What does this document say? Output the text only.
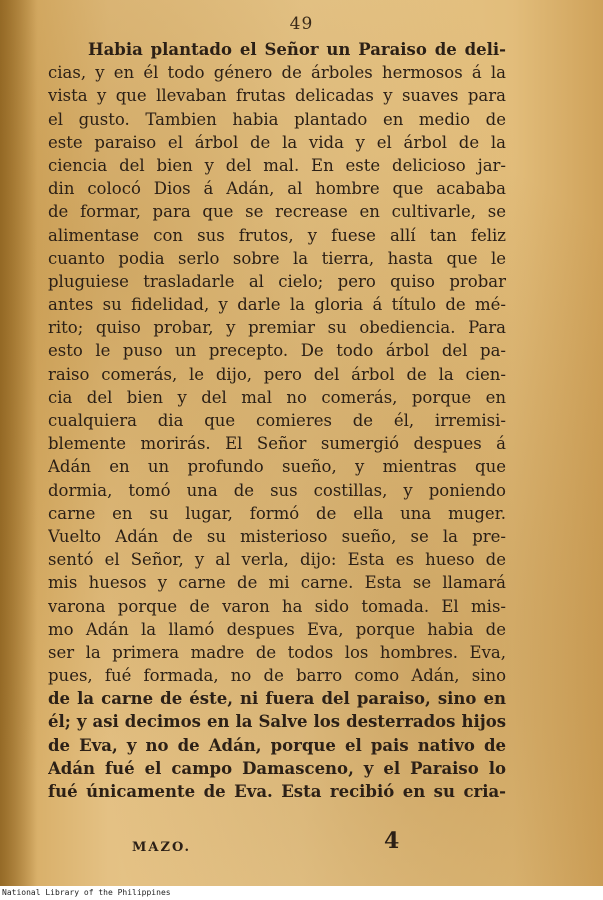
49
Habia plantado el Señor un Paraiso de deli-
cias, y en él todo género de árboles hermosos á la
vista y que llevaban frutas delicadas y suaves para
el gusto. Tambien habia plantado en medio de
este paraiso el árbol de la vida y el árbol de la
ciencia del bien y del mal. En este delicioso jar-
din colocó Dios á Adán, al hombre que acababa
de formar, para que se recrease en cultivarle, se
alimentase con sus frutos, y fuese allí tan feliz
cuanto podia serlo sobre la tierra, hasta que le
pluguiese trasladarle al cielo; pero quiso probar
antes su fidelidad, y darle la gloria á título de mé-
rito; quiso probar, y premiar su obediencia. Para
esto le puso un precepto. De todo árbol del pa-
raiso comerás, le dijo, pero del árbol de la cien-
cia del bien y del mal no comerás, porque en
cualquiera dia que comieres de él, irremisi-
blemente morirás. El Señor sumergió despues á
Adán en un profundo sueño, y mientras que
dormia, tomó una de sus costillas, y poniendo
carne en su lugar, formó de ella una muger.
Vuelto Adán de su misterioso sueño, se la pre-
sentó el Señor, y al verla, dijo: Esta es hueso de
mis huesos y carne de mi carne. Esta se llamará
varona porque de varon ha sido tomada. El mis-
mo Adán la llamó despues Eva, porque habia de
ser la primera madre de todos los hombres. Eva,
pues, fué formada, no de barro como Adán, sino
de la carne de éste, ni fuera del paraiso, sino en
él; y asi decimos en la Salve los desterrados hijos
de Eva, y no de Adán, porque el pais nativo de
Adán fué el campo Damasceno, y el Paraiso lo
fué únicamente de Eva. Esta recibió en su cria-
MAZO.	4
National Library of the Philippines
